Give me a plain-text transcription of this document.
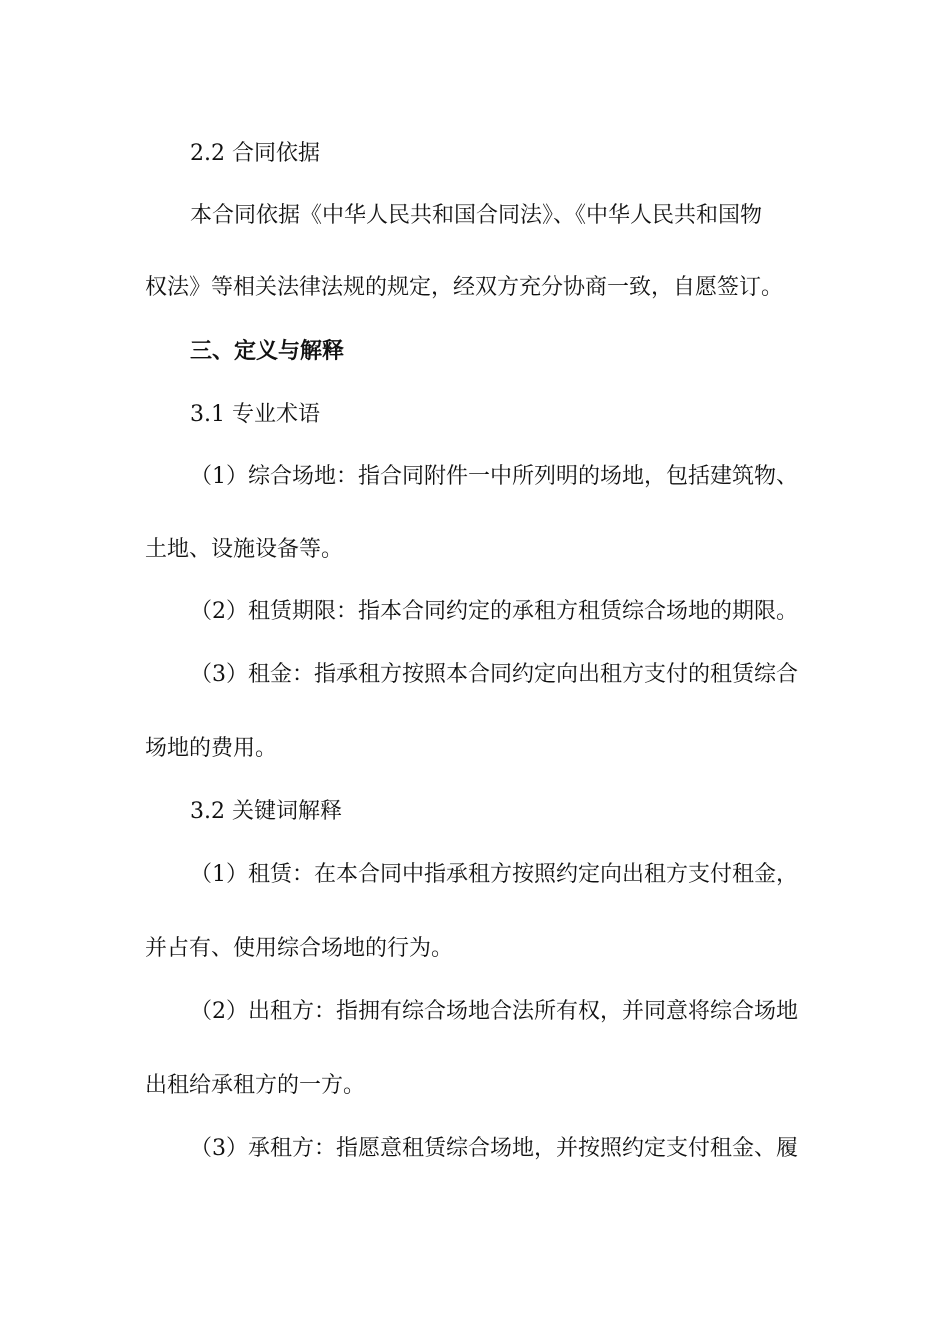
2.2 合同依据

本合同依据《中华人民共和国合同法》、《中华人民共和国物

权法》等相关法律法规的规定，经双方充分协商一致，自愿签订。

三、定义与解释

3.1 专业术语

（1）综合场地：指合同附件一中所列明的场地，包括建筑物、

土地、设施设备等。

（2）租赁期限：指本合同约定的承租方租赁综合场地的期限。

（3）租金：指承租方按照本合同约定向出租方支付的租赁综合

场地的费用。

3.2 关键词解释

（1）租赁：在本合同中指承租方按照约定向出租方支付租金，

并占有、使用综合场地的行为。

（2）出租方：指拥有综合场地合法所有权，并同意将综合场地

出租给承租方的一方。

（3）承租方：指愿意租赁综合场地，并按照约定支付租金、履
